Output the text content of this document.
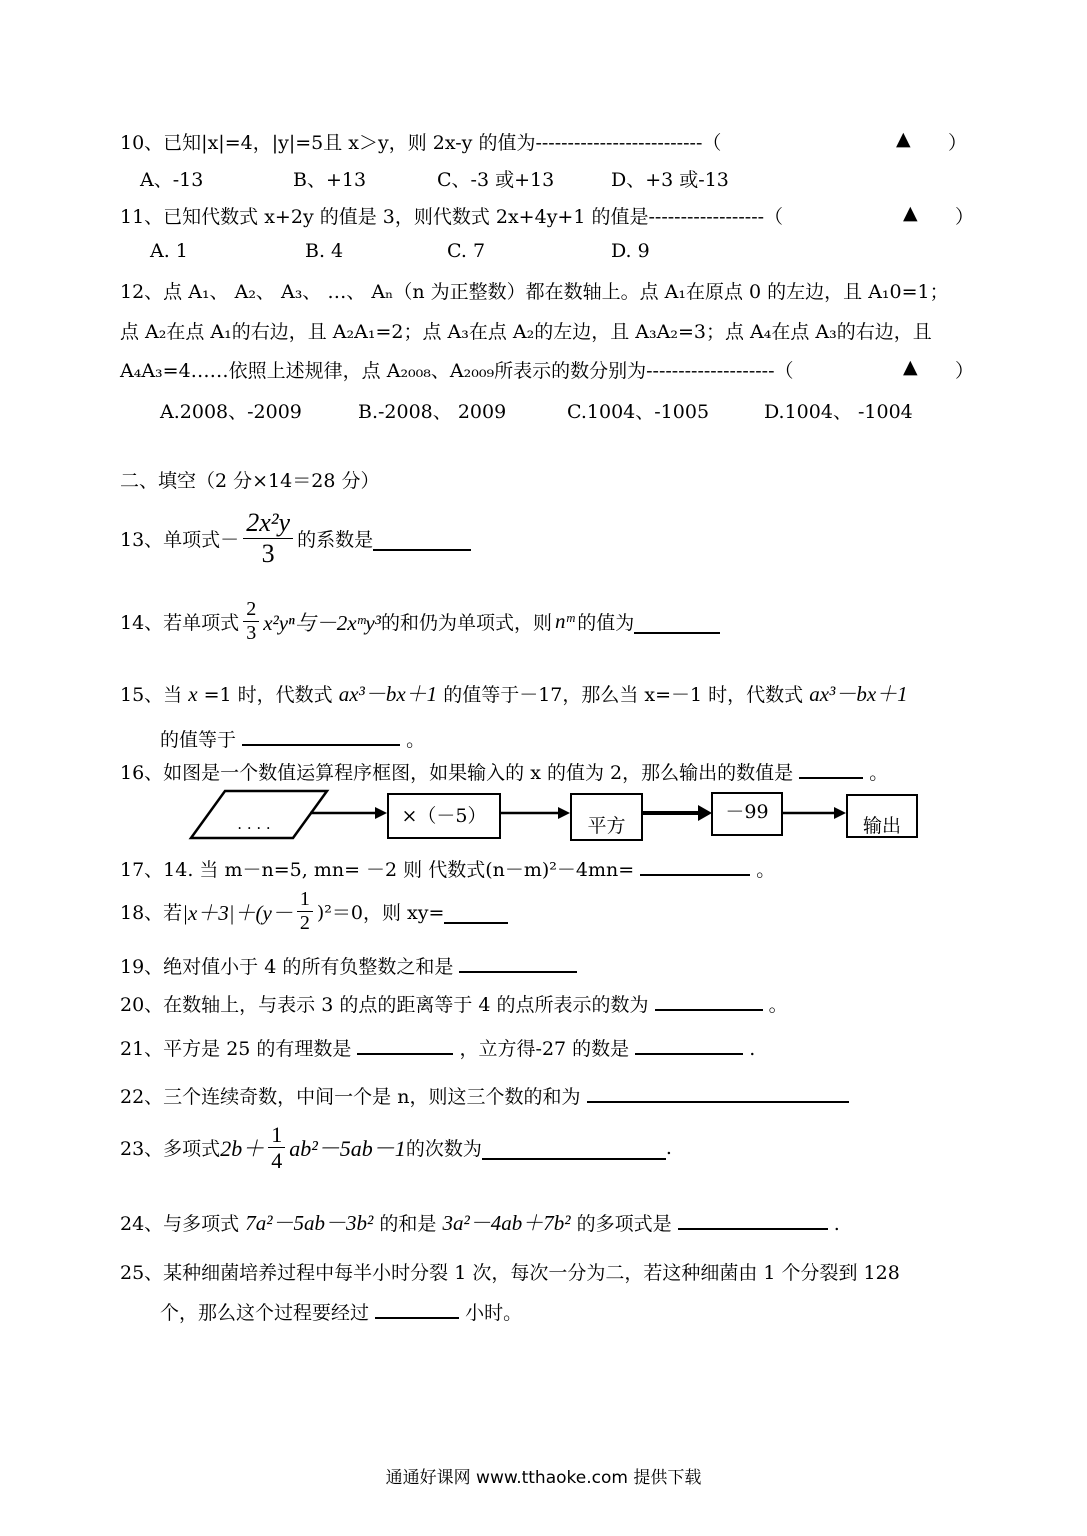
10、已知|x|=4，|y|=5且 x＞y，则 2x-y 的值为--------------------------（	▲ ）
A、-13	B、+13	C、-3 或+13	D、+3 或-13
11、已知代数式 x+2y 的值是 3，则代数式 2x+4y+1 的值是------------------（	▲ ）
A. 1	B. 4	C. 7	D. 9
12、点 A₁、 A₂、 A₃、 …、 Aₙ（n 为正整数）都在数轴上。点 A₁在原点 0 的左边，且 A₁0=1；
点 A₂在点 A₁的右边，且 A₂A₁=2；点 A₃在点 A₂的左边，且 A₃A₂=3；点 A₄在点 A₃的右边，且
A₄A₃=4……依照上述规律，点 A₂₀₀₈、A₂₀₀₉所表示的数分别为--------------------（	▲ ）
A.2008、-2009	B.-2008、 2009	C.1004、-1005	D.1004、 -1004
二、填空（2 分×14＝28 分）
13、单项式－ $\frac{\text{2x²y}}{3}$ 的系数是
14、若单项式 $\frac{2}{3} x^2y^n$与－2xᵐy³ 的和仍为单项式，则 nᵐ 的值为
15、当 x =1 时，代数式 ax³－bx＋1 的值等于－17，那么当 x=－1 时，代数式 ax³－bx＋1
的值等于	。
16、如图是一个数值运算程序框图，如果输入的 x 的值为 2，那么输出的数值是	。
. . . .	×（－5）	平方
－99
输出
17、14. 当 m－n=5, mn= －2 则 代数式(n－m)²－4mn=	。
18、若 $|x+3|+(y- \frac{1}{2} )^2=0$，则 xy=
19、绝对值小于 4 的所有负整数之和是
20、在数轴上，与表示 3 的点的距离等于 4 的点所表示的数为	。
21、平方是 25 的有理数是	，立方得-27 的数是	.
22、三个连续奇数，中间一个是 n，则这三个数的和为
23、多项式 $2b+ \frac{1}{4} ab^2-5ab-1$ 的次数为	.
24、与多项式 7a²－5ab－3b² 的和是 3a²－4ab＋7b² 的多项式是	.
25、某种细菌培养过程中每半小时分裂 1 次，每次一分为二，若这种细菌由 1 个分裂到 128
个，那么这个过程要经过	小时。
通通好课网 www.tthaoke.com 提供下载
